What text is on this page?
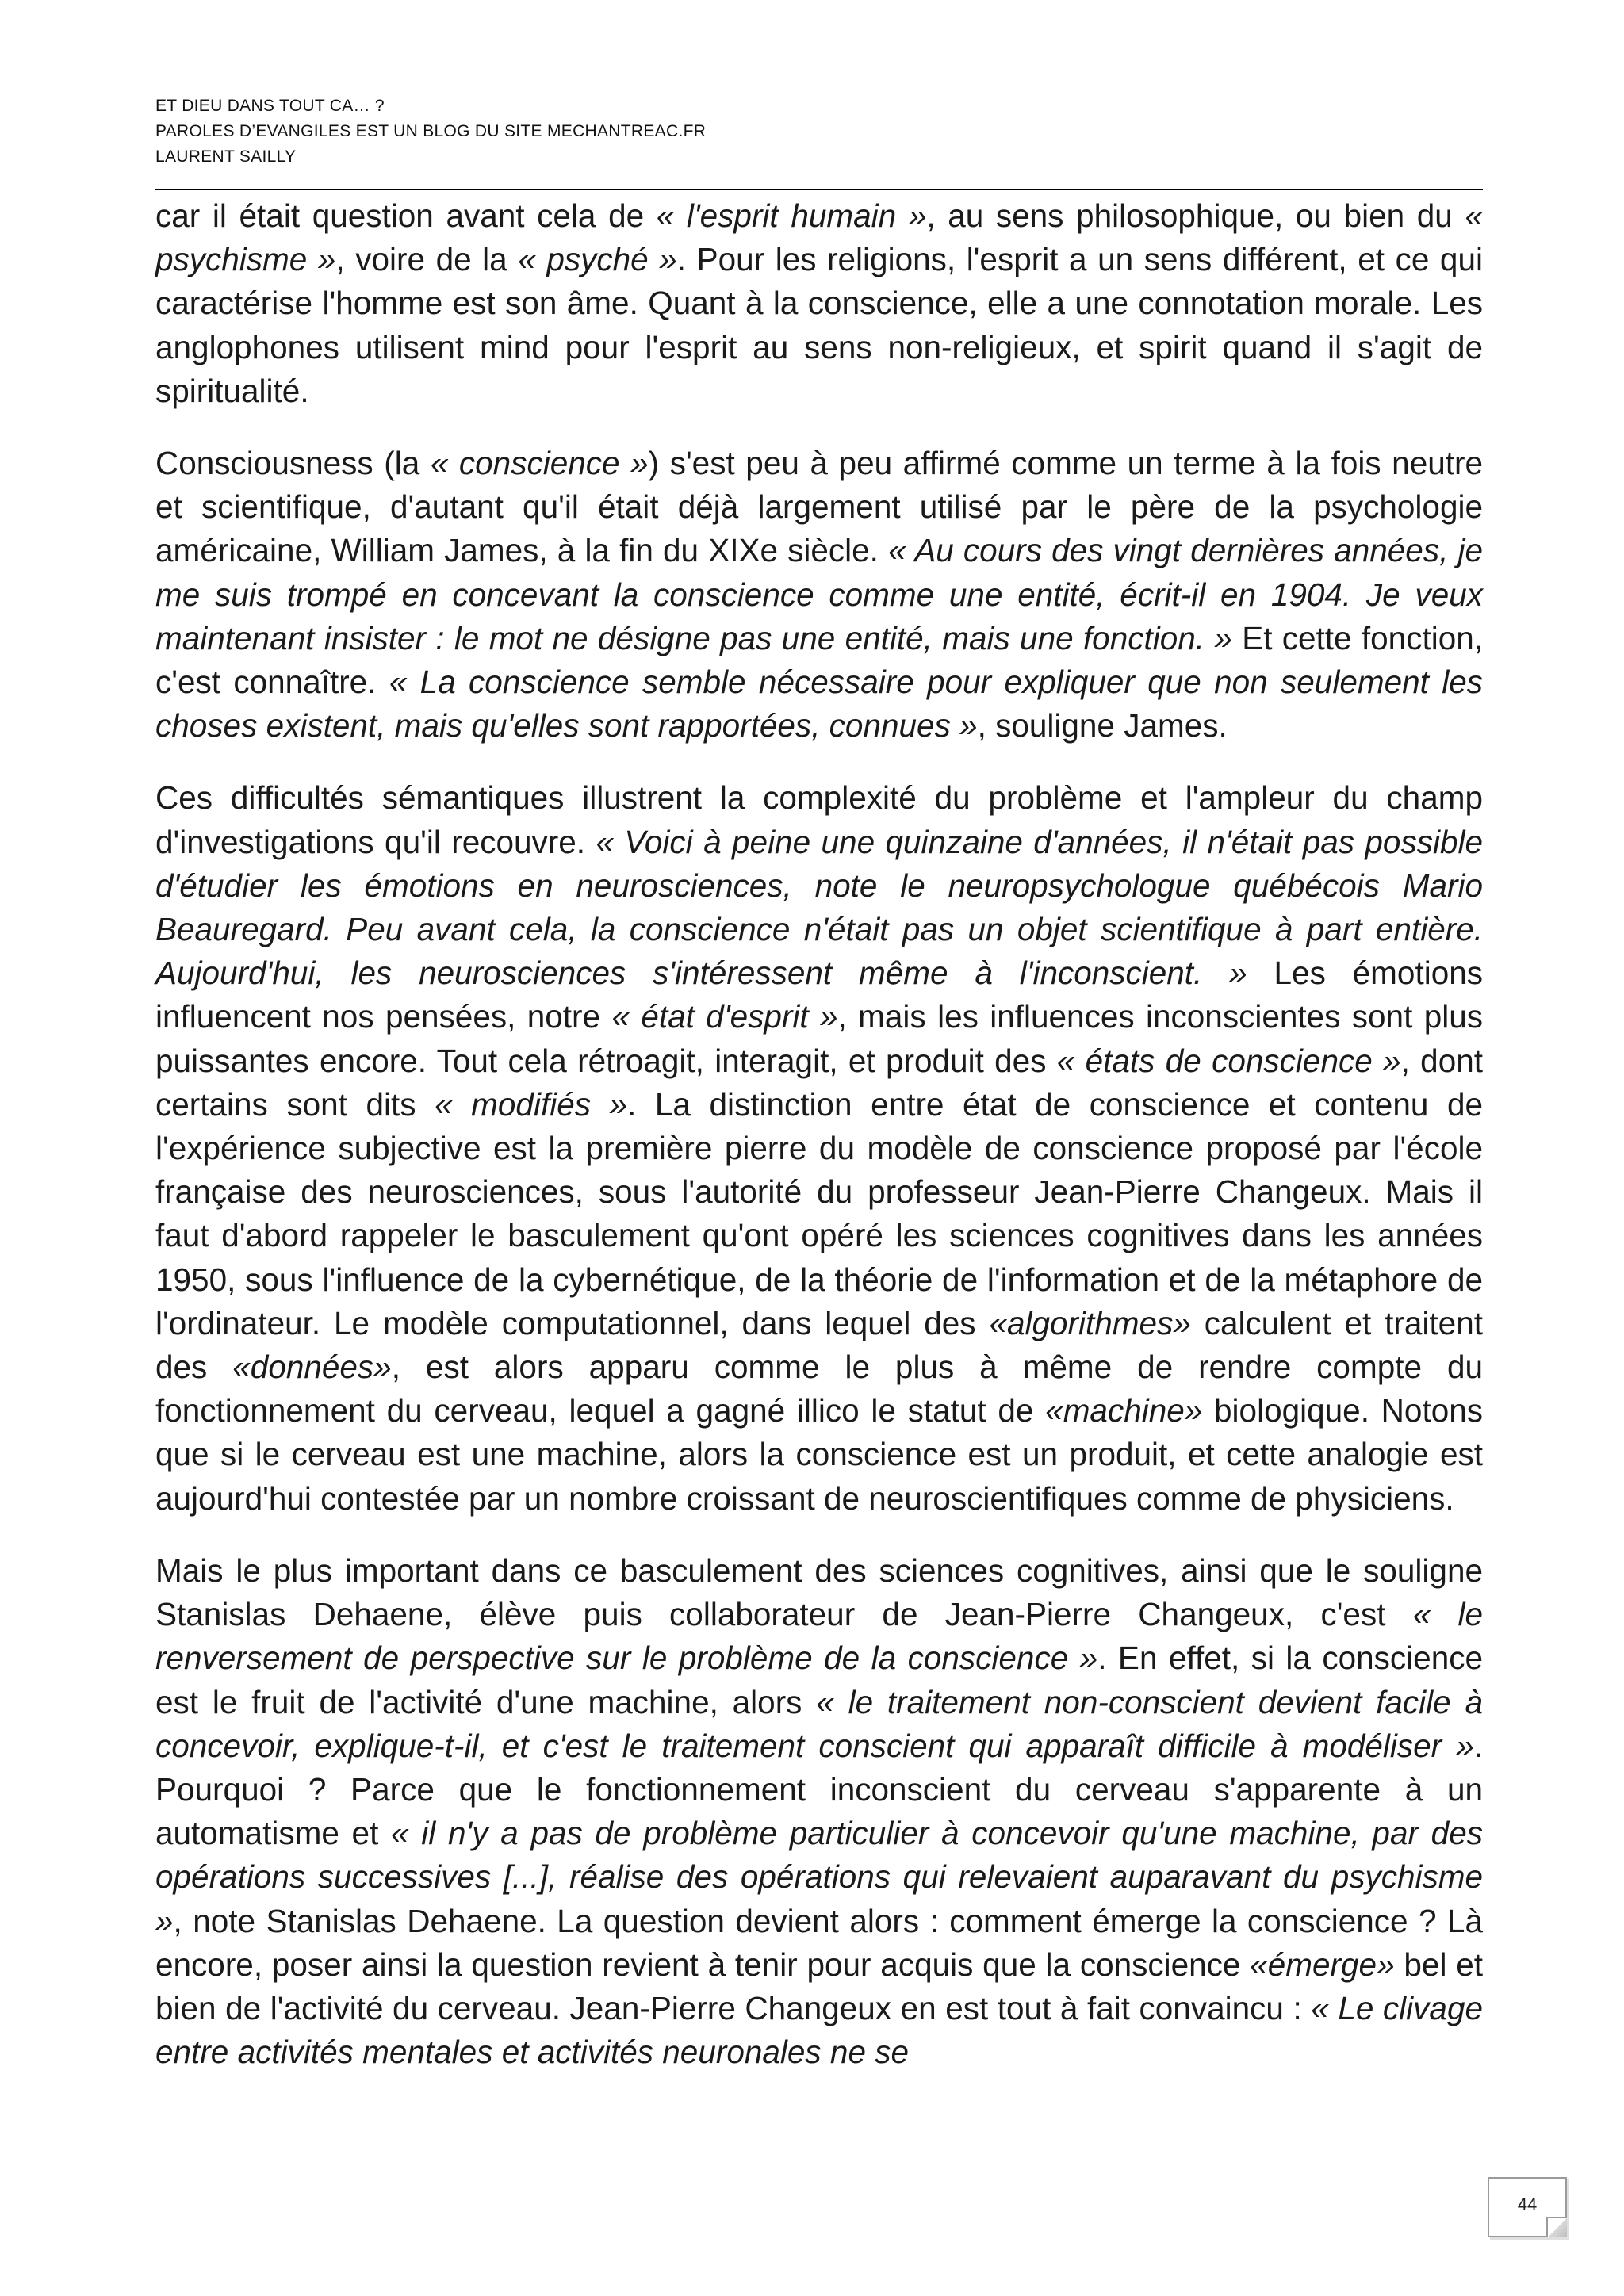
ET DIEU DANS TOUT CA… ?
PAROLES D’EVANGILES EST UN BLOG DU SITE MECHANTREAC.FR
LAURENT SAILLY

car il était question avant cela de « l'esprit humain », au sens philosophique, ou bien du « psychisme », voire de la « psyché ». Pour les religions, l'esprit a un sens différent, et ce qui caractérise l'homme est son âme. Quant à la conscience, elle a une connotation morale. Les anglophones utilisent mind pour l'esprit au sens non-religieux, et spirit quand il s'agit de spiritualité.

Consciousness (la « conscience ») s'est peu à peu affirmé comme un terme à la fois neutre et scientifique, d'autant qu'il était déjà largement utilisé par le père de la psychologie américaine, William James, à la fin du XIXe siècle. « Au cours des vingt dernières années, je me suis trompé en concevant la conscience comme une entité, écrit-il en 1904. Je veux maintenant insister : le mot ne désigne pas une entité, mais une fonction. » Et cette fonction, c'est connaître. « La conscience semble nécessaire pour expliquer que non seulement les choses existent, mais qu'elles sont rapportées, connues », souligne James.

Ces difficultés sémantiques illustrent la complexité du problème et l'ampleur du champ d'investigations qu'il recouvre. « Voici à peine une quinzaine d'années, il n'était pas possible d'étudier les émotions en neurosciences, note le neuropsychologue québécois Mario Beauregard. Peu avant cela, la conscience n'était pas un objet scientifique à part entière. Aujourd'hui, les neurosciences s'intéressent même à l'inconscient. » Les émotions influencent nos pensées, notre « état d'esprit », mais les influences inconscientes sont plus puissantes encore. Tout cela rétroagit, interagit, et produit des « états de conscience », dont certains sont dits « modifiés ». La distinction entre état de conscience et contenu de l'expérience subjective est la première pierre du modèle de conscience proposé par l'école française des neurosciences, sous l'autorité du professeur Jean-Pierre Changeux. Mais il faut d'abord rappeler le basculement qu'ont opéré les sciences cognitives dans les années 1950, sous l'influence de la cybernétique, de la théorie de l'information et de la métaphore de l'ordinateur. Le modèle computationnel, dans lequel des «algorithmes» calculent et traitent des «données», est alors apparu comme le plus à même de rendre compte du fonctionnement du cerveau, lequel a gagné illico le statut de «machine» biologique. Notons que si le cerveau est une machine, alors la conscience est un produit, et cette analogie est aujourd'hui contestée par un nombre croissant de neuroscientifiques comme de physiciens.

Mais le plus important dans ce basculement des sciences cognitives, ainsi que le souligne Stanislas Dehaene, élève puis collaborateur de Jean-Pierre Changeux, c'est « le renversement de perspective sur le problème de la conscience ». En effet, si la conscience est le fruit de l'activité d'une machine, alors « le traitement non-conscient devient facile à concevoir, explique-t-il, et c'est le traitement conscient qui apparaît difficile à modéliser ». Pourquoi ? Parce que le fonctionnement inconscient du cerveau s'apparente à un automatisme et « il n'y a pas de problème particulier à concevoir qu'une machine, par des opérations successives [...], réalise des opérations qui relevaient auparavant du psychisme », note Stanislas Dehaene. La question devient alors : comment émerge la conscience ? Là encore, poser ainsi la question revient à tenir pour acquis que la conscience «émerge» bel et bien de l'activité du cerveau. Jean-Pierre Changeux en est tout à fait convaincu : « Le clivage entre activités mentales et activités neuronales ne se

44
